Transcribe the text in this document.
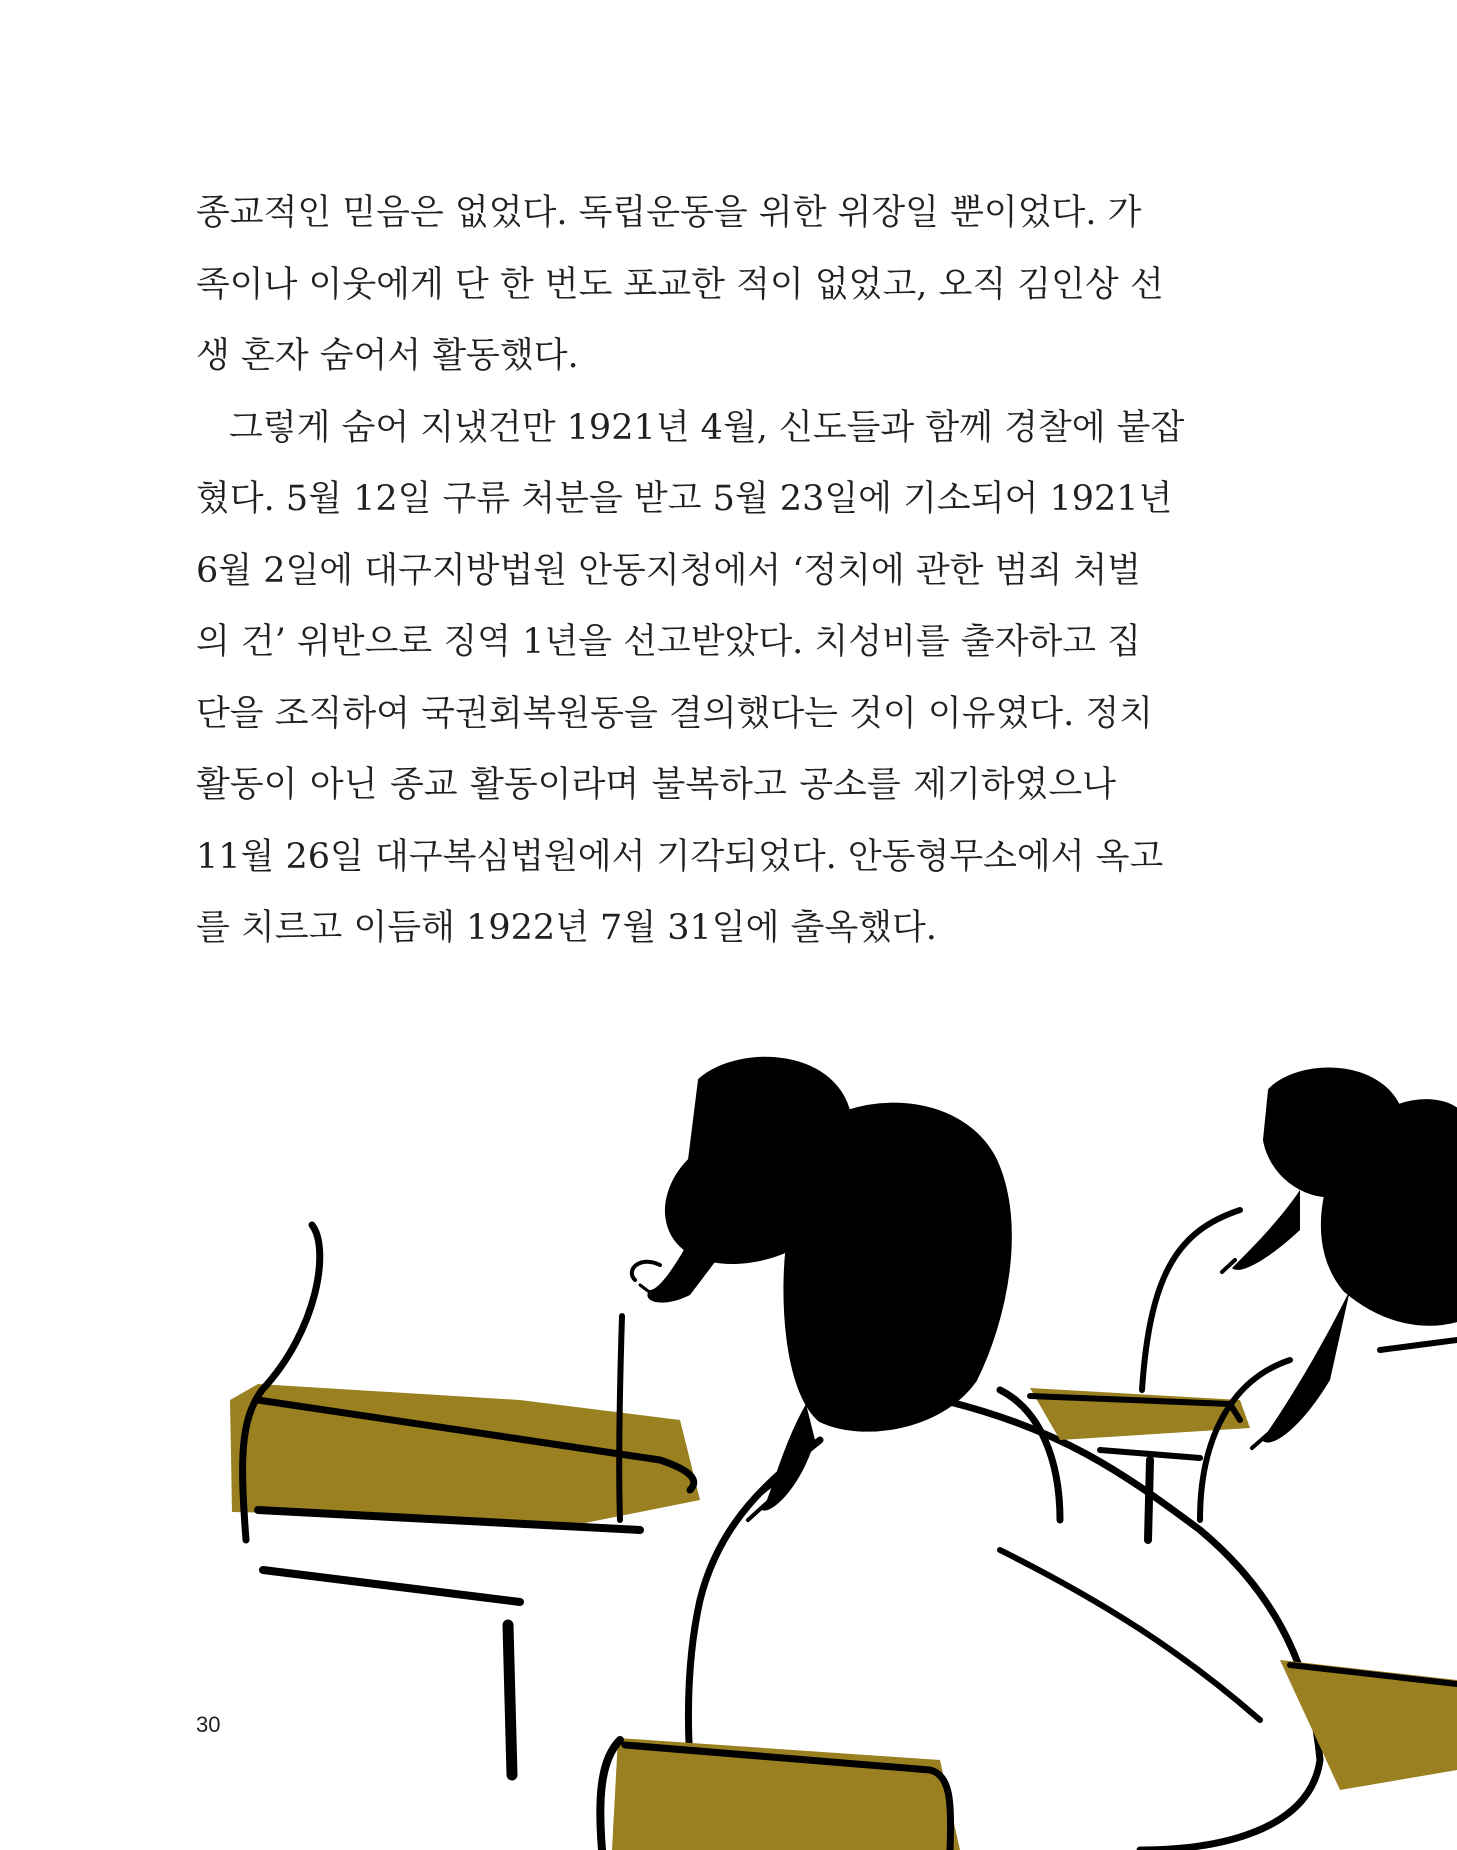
종교적인 믿음은 없었다. 독립운동을 위한 위장일 뿐이었다. 가
족이나 이웃에게 단 한 번도 포교한 적이 없었고, 오직 김인상 선
생 혼자 숨어서 활동했다.

그렇게 숨어 지냈건만 1921년 4월, 신도들과 함께 경찰에 붙잡
혔다. 5월 12일 구류 처분을 받고 5월 23일에 기소되어 1921년
6월 2일에 대구지방법원 안동지청에서 ‘정치에 관한 범죄 처벌
의 건’ 위반으로 징역 1년을 선고받았다. 치성비를 출자하고 집
단을 조직하여 국권회복원동을 결의했다는 것이 이유였다. 정치
활동이 아닌 종교 활동이라며 불복하고 공소를 제기하였으나
11월 26일 대구복심법원에서 기각되었다. 안동형무소에서 옥고
를 치르고 이듬해 1922년 7월 31일에 출옥했다.

30
